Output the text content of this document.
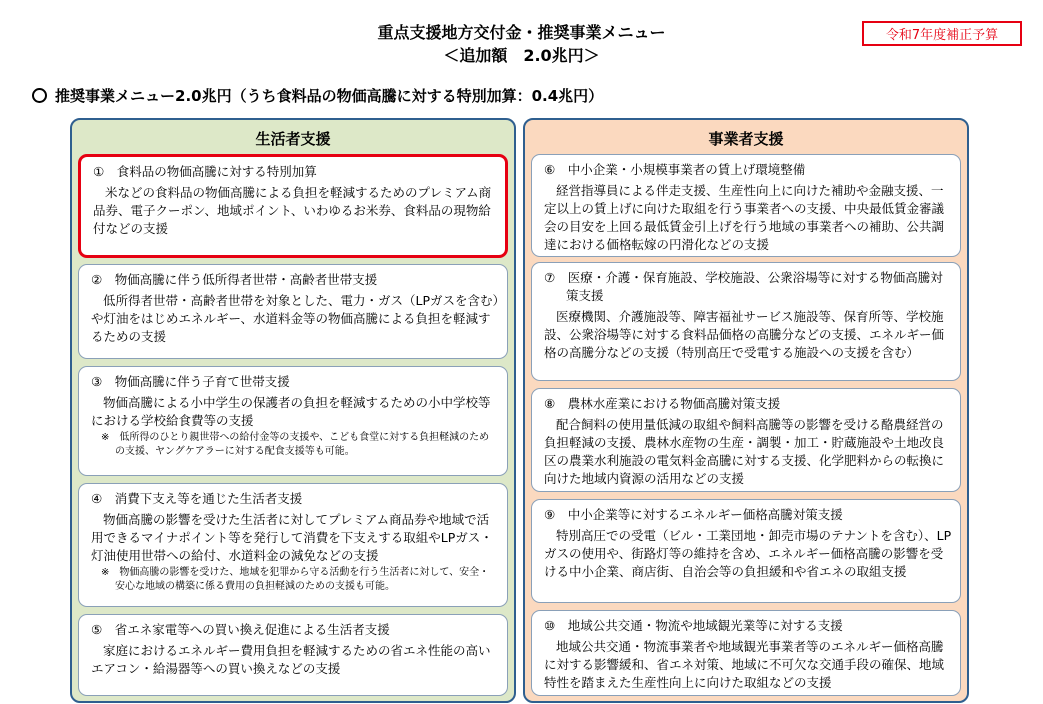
重点支援地方交付金・推奨事業メニュー
＜追加額　2.0兆円＞
令和7年度補正予算
推奨事業メニュー2.0兆円（うち食料品の物価高騰に対する特別加算：0.4兆円）
生活者支援
①　食料品の物価高騰に対する特別加算
米などの食料品の物価高騰による負担を軽減するためのプレミアム商品券、電子クーポン、地域ポイント、いわゆるお米券、食料品の現物給付などの支援
②　物価高騰に伴う低所得者世帯・高齢者世帯支援
低所得者世帯・高齢者世帯を対象とした、電力・ガス（LPガスを含む）や灯油をはじめエネルギー、水道料金等の物価高騰による負担を軽減するための支援
③　物価高騰に伴う子育て世帯支援
物価高騰による小中学生の保護者の負担を軽減するための小中学校等における学校給食費等の支援
※　低所得のひとり親世帯への給付金等の支援や、こども食堂に対する負担軽減のための支援、ヤングケアラーに対する配食支援等も可能。
④　消費下支え等を通じた生活者支援
物価高騰の影響を受けた生活者に対してプレミアム商品券や地域で活用できるマイナポイント等を発行して消費を下支えする取組やLPガス・灯油使用世帯への給付、水道料金の減免などの支援
※　物価高騰の影響を受けた、地域を犯罪から守る活動を行う生活者に対して、安全・安心な地域の構築に係る費用の負担軽減のための支援も可能。
⑤　省エネ家電等への買い換え促進による生活者支援
家庭におけるエネルギー費用負担を軽減するための省エネ性能の高いエアコン・給湯器等への買い換えなどの支援
事業者支援
⑥　中小企業・小規模事業者の賃上げ環境整備
経営指導員による伴走支援、生産性向上に向けた補助や金融支援、一定以上の賃上げに向けた取組を行う事業者への支援、中央最低賃金審議会の目安を上回る最低賃金引上げを行う地域の事業者への補助、公共調達における価格転嫁の円滑化などの支援
⑦　医療・介護・保育施設、学校施設、公衆浴場等に対する物価高騰対策支援
医療機関、介護施設等、障害福祉サービス施設等、保育所等、学校施設、公衆浴場等に対する食料品価格の高騰分などの支援、エネルギー価格の高騰分などの支援（特別高圧で受電する施設への支援を含む）
⑧　農林水産業における物価高騰対策支援
配合飼料の使用量低減の取組や飼料高騰等の影響を受ける酪農経営の負担軽減の支援、農林水産物の生産・調製・加工・貯蔵施設や土地改良区の農業水利施設の電気料金高騰に対する支援、化学肥料からの転換に向けた地域内資源の活用などの支援
⑨　中小企業等に対するエネルギー価格高騰対策支援
特別高圧での受電（ビル・工業団地・卸売市場のテナントを含む）、LPガスの使用や、街路灯等の維持を含め、エネルギー価格高騰の影響を受ける中小企業、商店街、自治会等の負担緩和や省エネの取組支援
⑩　地域公共交通・物流や地域観光業等に対する支援
地域公共交通・物流事業者や地域観光事業者等のエネルギー価格高騰に対する影響緩和、省エネ対策、地域に不可欠な交通手段の確保、地域特性を踏まえた生産性向上に向けた取組などの支援
